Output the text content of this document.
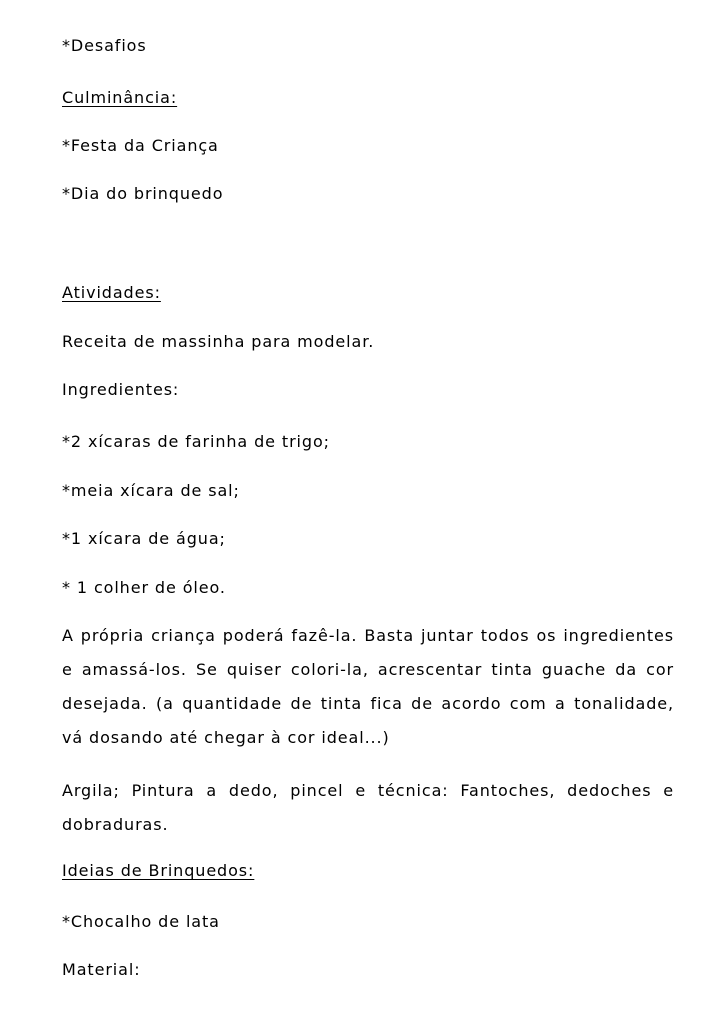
*Desafios

Culminância:

*Festa da Criança

*Dia do brinquedo

Atividades:

Receita de massinha para modelar.

Ingredientes:

*2 xícaras de farinha de trigo;

*meia xícara de sal;

*1 xícara de água;

* 1 colher de óleo.

A própria criança poderá fazê-la. Basta juntar todos os ingredientes e amassá-los. Se quiser colori-la, acrescentar tinta guache da cor desejada. (a quantidade de tinta fica de acordo com a tonalidade, vá dosando até chegar à cor ideal...)

Argila; Pintura a dedo, pincel e técnica: Fantoches, dedoches e dobraduras.

Ideias de Brinquedos:

*Chocalho de lata

Material:
